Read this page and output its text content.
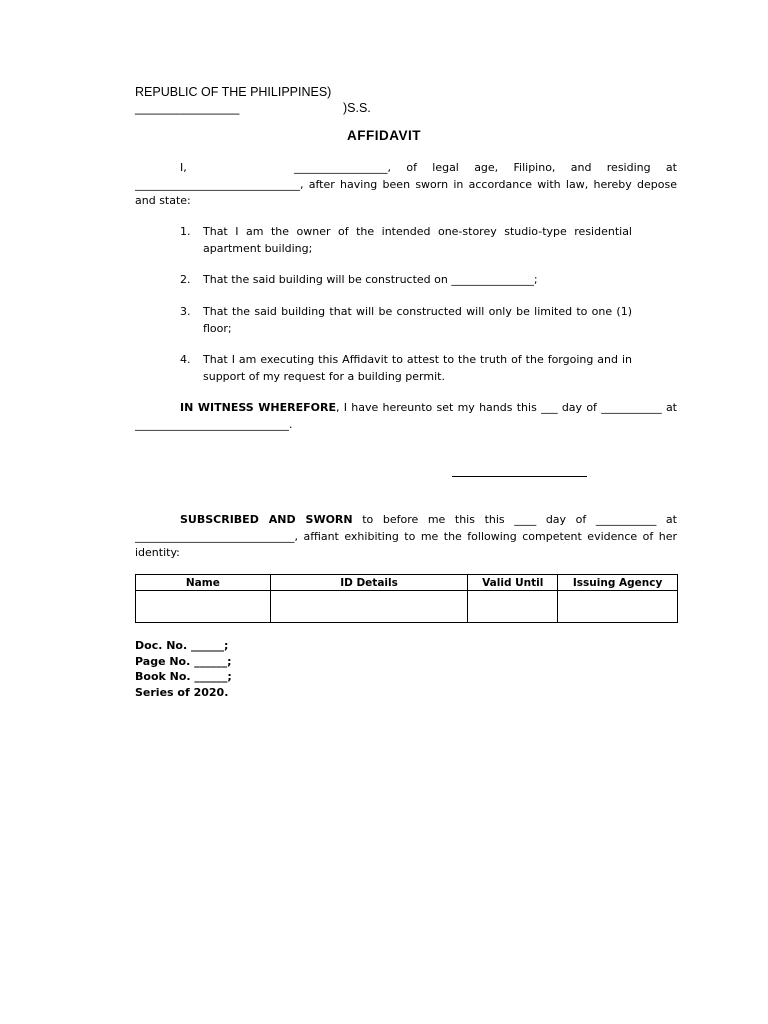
REPUBLIC OF THE PHILIPPINES)
_______________	)S.S.
AFFIDAVIT
I,	_________________, of legal age, Filipino, and residing at ______________________________, after having been sworn in accordance with law, hereby depose and state:
1. That I am the owner of the intended one-storey studio-type residential apartment building;
2. That the said building will be constructed on _______________;
3. That the said building that will be constructed will only be limited to one (1) floor;
4. That I am executing this Affidavit to attest to the truth of the forgoing and in support of my request for a building permit.
IN WITNESS WHEREFORE, I have hereunto set my hands this ___ day of ___________ at ____________________________.
SUBSCRIBED AND SWORN to before me this this ____ day of ___________ at _____________________________, affiant exhibiting to me the following competent evidence of her identity:
Name	ID Details	Valid Until	Issuing Agency

Doc. No. ______;
Page No. ______;
Book No. ______;
Series of 2020.
